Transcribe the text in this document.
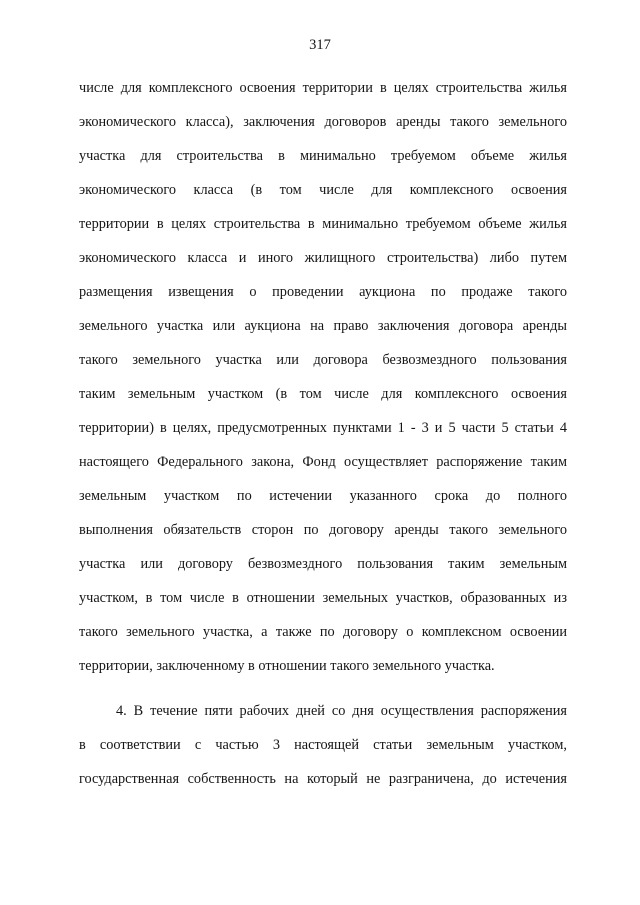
317

числе для комплексного освоения территории в целях строительства жилья
экономического класса), заключения договоров аренды такого земельного
участка для строительства в минимально требуемом объеме жилья
экономического класса (в том числе для комплексного освоения
территории в целях строительства в минимально требуемом объеме жилья
экономического класса и иного жилищного строительства) либо путем
размещения извещения о проведении аукциона по продаже такого
земельного участка или аукциона на право заключения договора аренды
такого земельного участка или договора безвозмездного пользования
таким земельным участком (в том числе для комплексного освоения
территории) в целях, предусмотренных пунктами 1 - 3 и 5 части 5 статьи 4
настоящего Федерального закона, Фонд осуществляет распоряжение таким
земельным участком по истечении указанного срока до полного
выполнения обязательств сторон по договору аренды такого земельного
участка или договору безвозмездного пользования таким земельным
участком, в том числе в отношении земельных участков, образованных из
такого земельного участка, а также по договору о комплексном освоении
территории, заключенному в отношении такого земельного участка.
4. В течение пяти рабочих дней со дня осуществления распоряжения
в соответствии с частью 3 настоящей статьи земельным участком,
государственная собственность на который не разграничена, до истечения
